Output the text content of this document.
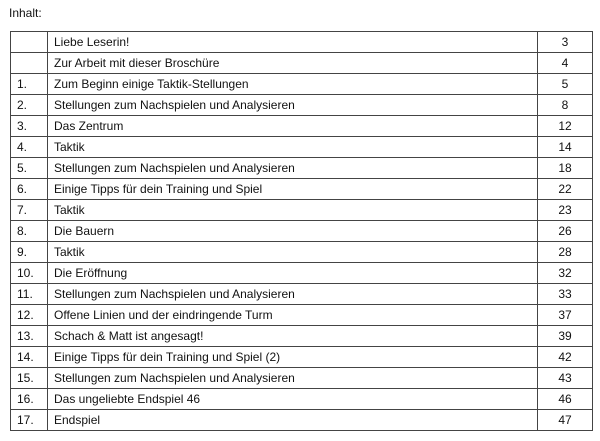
Inhalt:

	Liebe Leserin!	3
	Zur Arbeit mit dieser Broschüre	4
1.	Zum Beginn einige Taktik-Stellungen	5
2.	Stellungen zum Nachspielen und Analysieren	8
3.	Das Zentrum	12
4.	Taktik	14
5.	Stellungen zum Nachspielen und Analysieren	18
6.	Einige Tipps für dein Training und Spiel	22
7.	Taktik	23
8.	Die Bauern	26
9.	Taktik	28
10.	Die Eröffnung	32
11.	Stellungen zum Nachspielen und Analysieren	33
12.	Offene Linien und der eindringende Turm	37
13.	Schach & Matt ist angesagt!	39
14.	Einige Tipps für dein Training und Spiel (2)	42
15.	Stellungen zum Nachspielen und Analysieren	43
16.	Das ungeliebte Endspiel 46	46
17.	Endspiel	47
